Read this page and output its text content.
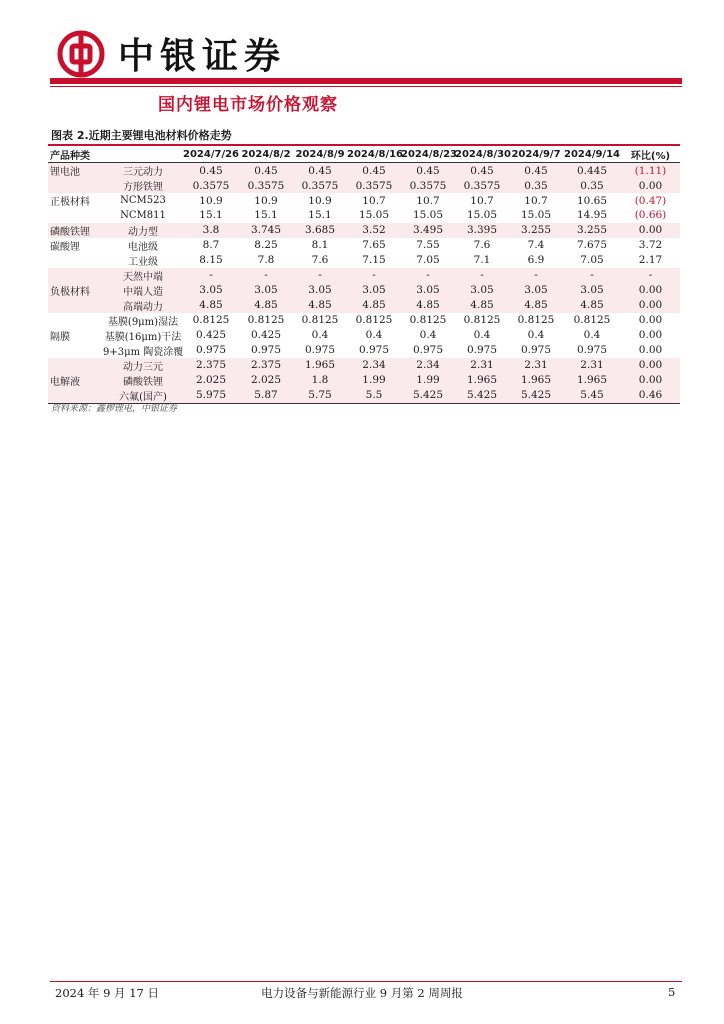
中银证券
国内锂电市场价格观察
图表 2.近期主要锂电池材料价格走势
产品种类		2024/7/26	2024/8/2	2024/8/9	2024/8/16	2024/8/23	2024/8/30	2024/9/7	2024/9/14	环比(%)
锂电池	三元动力	0.45	0.45	0.45	0.45	0.45	0.45	0.45	0.445	(1.11)
	方形铁锂	0.3575	0.3575	0.3575	0.3575	0.3575	0.3575	0.35	0.35	0.00
正极材料	NCM523	10.9	10.9	10.9	10.7	10.7	10.7	10.7	10.65	(0.47)
	NCM811	15.1	15.1	15.1	15.05	15.05	15.05	15.05	14.95	(0.66)
磷酸铁锂	动力型	3.8	3.745	3.685	3.52	3.495	3.395	3.255	3.255	0.00
碳酸锂	电池级	8.7	8.25	8.1	7.65	7.55	7.6	7.4	7.675	3.72
	工业级	8.15	7.8	7.6	7.15	7.05	7.1	6.9	7.05	2.17
	天然中端	-	-	-	-	-	-	-	-	-
负极材料	中端人造	3.05	3.05	3.05	3.05	3.05	3.05	3.05	3.05	0.00
	高端动力	4.85	4.85	4.85	4.85	4.85	4.85	4.85	4.85	0.00
	基膜(9μm)湿法	0.8125	0.8125	0.8125	0.8125	0.8125	0.8125	0.8125	0.8125	0.00
隔膜	基膜(16μm)干法	0.425	0.425	0.4	0.4	0.4	0.4	0.4	0.4	0.00
	9+3μm 陶瓷涂覆	0.975	0.975	0.975	0.975	0.975	0.975	0.975	0.975	0.00
	动力三元	2.375	2.375	1.965	2.34	2.34	2.31	2.31	2.31	0.00
电解液	磷酸铁锂	2.025	2.025	1.8	1.99	1.99	1.965	1.965	1.965	0.00
	六氟(国产)	5.975	5.87	5.75	5.5	5.425	5.425	5.425	5.45	0.46
资料来源：鑫椤锂电，中银证券
2024 年 9 月 17 日	电力设备与新能源行业 9 月第 2 周周报	5
